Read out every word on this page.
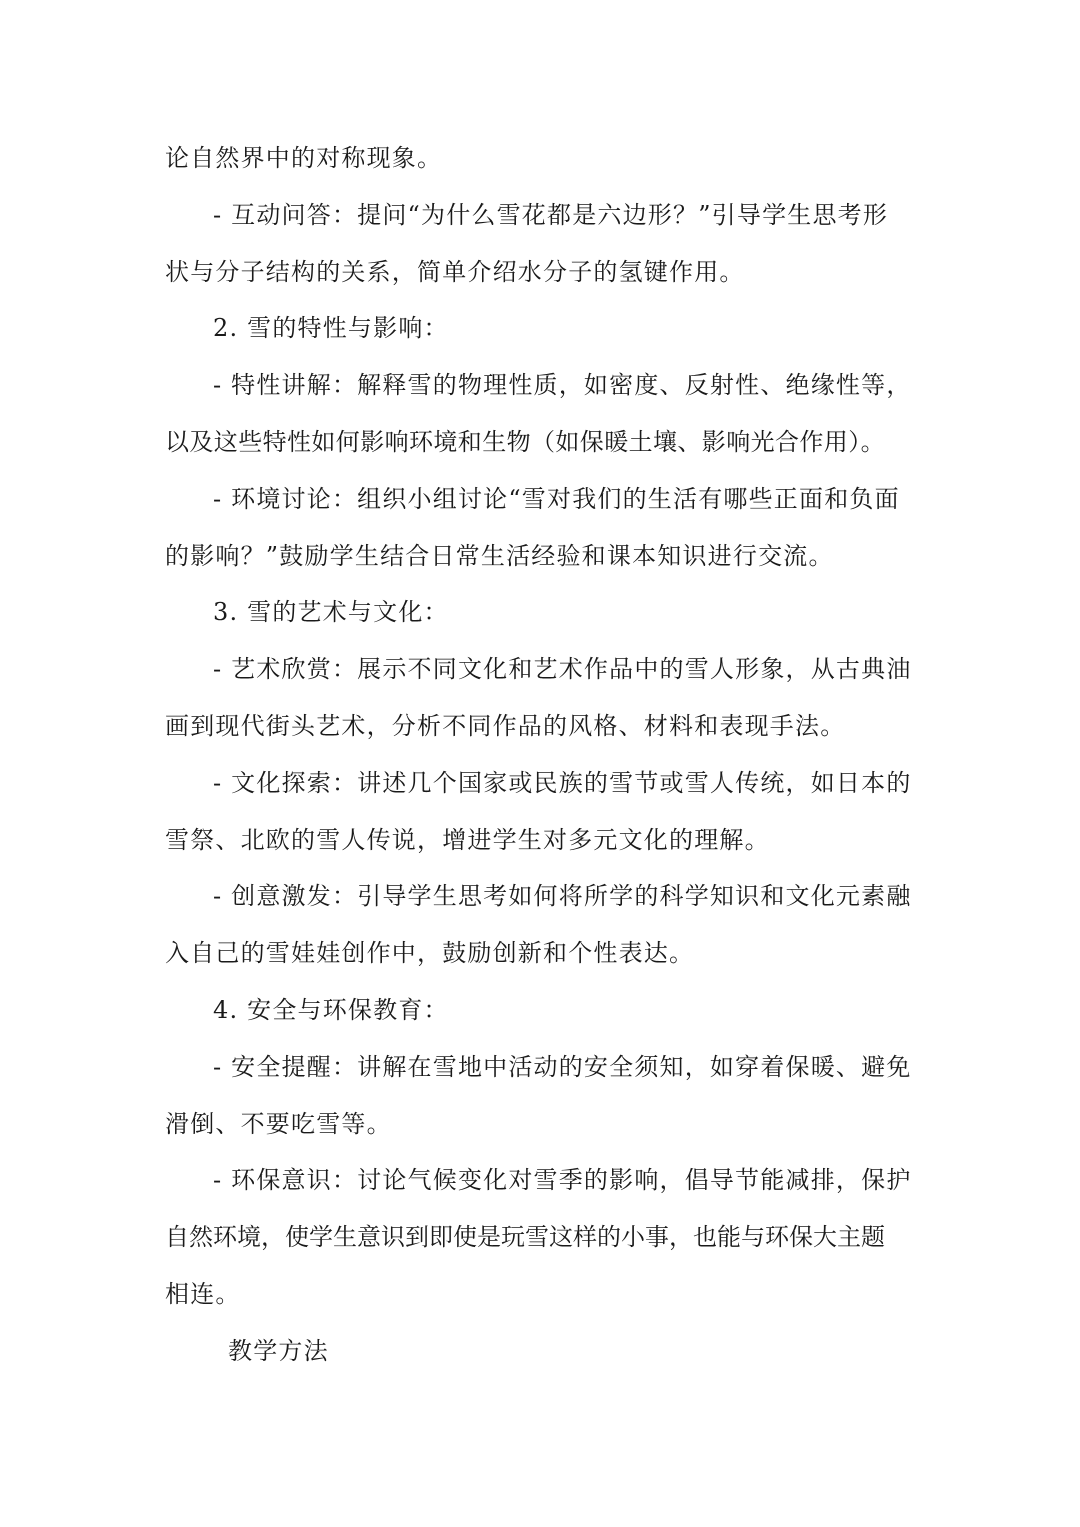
论自然界中的对称现象。
- 互动问答：提问“为什么雪花都是六边形？”引导学生思考形
状与分子结构的关系，简单介绍水分子的氢键作用。
2. 雪的特性与影响：
- 特性讲解：解释雪的物理性质，如密度、反射性、绝缘性等，
以及这些特性如何影响环境和生物（如保暖土壤、影响光合作用）。
- 环境讨论：组织小组讨论“雪对我们的生活有哪些正面和负面
的影响？”鼓励学生结合日常生活经验和课本知识进行交流。
3. 雪的艺术与文化：
- 艺术欣赏：展示不同文化和艺术作品中的雪人形象，从古典油
画到现代街头艺术，分析不同作品的风格、材料和表现手法。
- 文化探索：讲述几个国家或民族的雪节或雪人传统，如日本的
雪祭、北欧的雪人传说，增进学生对多元文化的理解。
- 创意激发：引导学生思考如何将所学的科学知识和文化元素融
入自己的雪娃娃创作中，鼓励创新和个性表达。
4. 安全与环保教育：
- 安全提醒：讲解在雪地中活动的安全须知，如穿着保暖、避免
滑倒、不要吃雪等。
- 环保意识：讨论气候变化对雪季的影响，倡导节能减排，保护
自然环境，使学生意识到即使是玩雪这样的小事，也能与环保大主题
相连。
教学方法
